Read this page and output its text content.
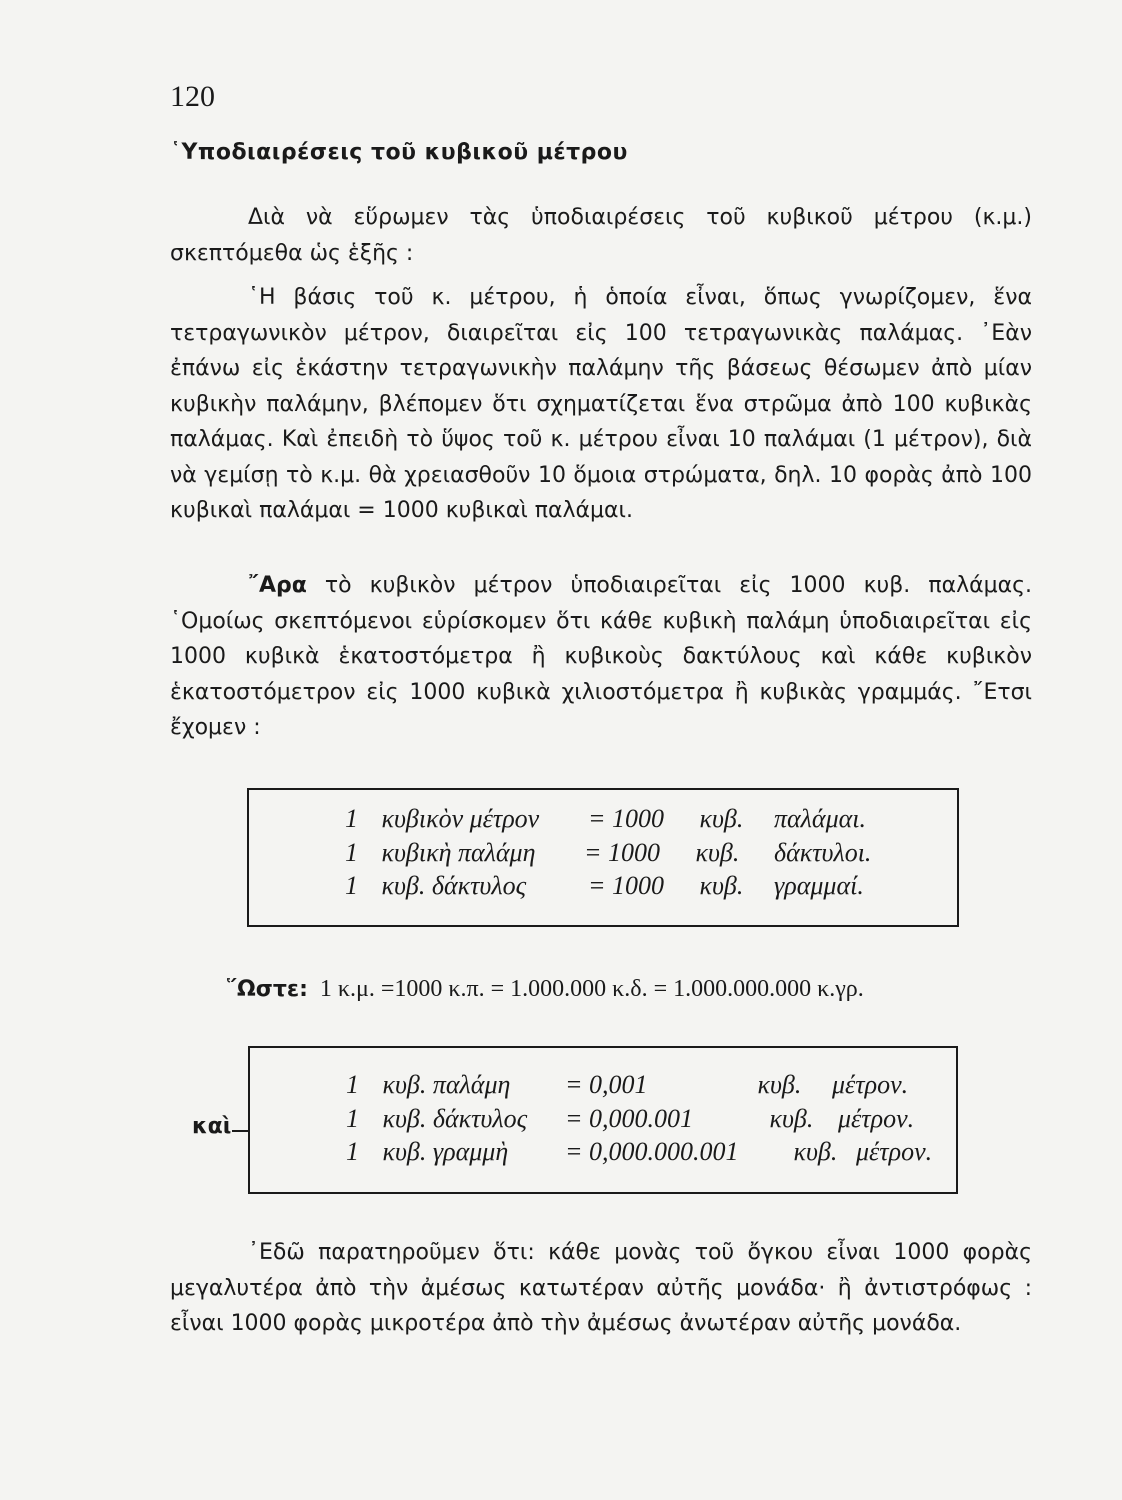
120
῾Υποδιαιρέσεις τοῦ κυβικοῦ μέτρου
Διὰ νὰ εὕρωμεν τὰς ὑποδιαιρέσεις τοῦ κυβικοῦ μέτρου (κ.μ.) σκεπτόμεθα ὡς ἑξῆς :
῾Η βάσις τοῦ κ. μέτρου, ἡ ὁποία εἶναι, ὅπως γνωρίζομεν, ἕνα τετραγωνικὸν μέτρον, διαιρεῖται εἰς 100 τετραγωνικὰς παλάμας. ᾿Εὰν ἐπάνω εἰς ἑκάστην τετραγωνικὴν παλάμην τῆς βάσεως θέσωμεν ἀπὸ μίαν κυβικὴν παλάμην, βλέπομεν ὅτι σχηματίζεται ἕνα στρῶμα ἀπὸ 100 κυβικὰς παλάμας. Καὶ ἐπειδὴ τὸ ὕψος τοῦ κ. μέτρου εἶναι 10 παλάμαι (1 μέτρον), διὰ νὰ γεμίσῃ τὸ κ.μ. θὰ χρειασθοῦν 10 ὅμοια στρώματα, δηλ. 10 φορὰς ἀπὸ 100 κυβικαὶ παλάμαι = 1000 κυβικαὶ παλάμαι.
῎Αρα τὸ κυβικὸν μέτρον ὑποδιαιρεῖται εἰς 1000 κυβ. παλάμας. ῾Ομοίως σκεπτόμενοι εὑρίσκομεν ὅτι κάθε κυβικὴ παλάμη ὑποδιαιρεῖται εἰς 1000 κυβικὰ ἑκατοστόμετρα ἢ κυβικοὺς δακτύλους καὶ κάθε κυβικὸν ἑκατοστόμετρον εἰς 1000 κυβικὰ χιλιοστόμετρα ἢ κυβικὰς γραμμάς. ῎Ετσι ἔχομεν :
1 κυβικὸν μέτρον = 1000 κυβ. παλάμαι.
1 κυβικὴ παλάμη = 1000 κυβ. δάκτυλοι.
1 κυβ. δάκτυλος = 1000 κυβ. γραμμαί.
῞Ωστε: 1 κ.μ. =1000 κ.π. = 1.000.000 κ.δ. = 1.000.000.000 κ.γρ.
καὶ
1 κυβ. παλάμη = 0,001	κυβ. μέτρον.
1 κυβ. δάκτυλος = 0,000.001	κυβ. μέτρον.
1 κυβ. γραμμὴ = 0,000.000.001 κυβ. μέτρον.
᾿Εδῶ παρατηροῦμεν ὅτι: κάθε μονὰς τοῦ ὄγκου εἶναι 1000 φορὰς μεγαλυτέρα ἀπὸ τὴν ἀμέσως κατωτέραν αὐτῆς μονάδα· ἢ ἀντιστρόφως : εἶναι 1000 φορὰς μικροτέρα ἀπὸ τὴν ἀμέσως ἀνωτέραν αὐτῆς μονάδα.
